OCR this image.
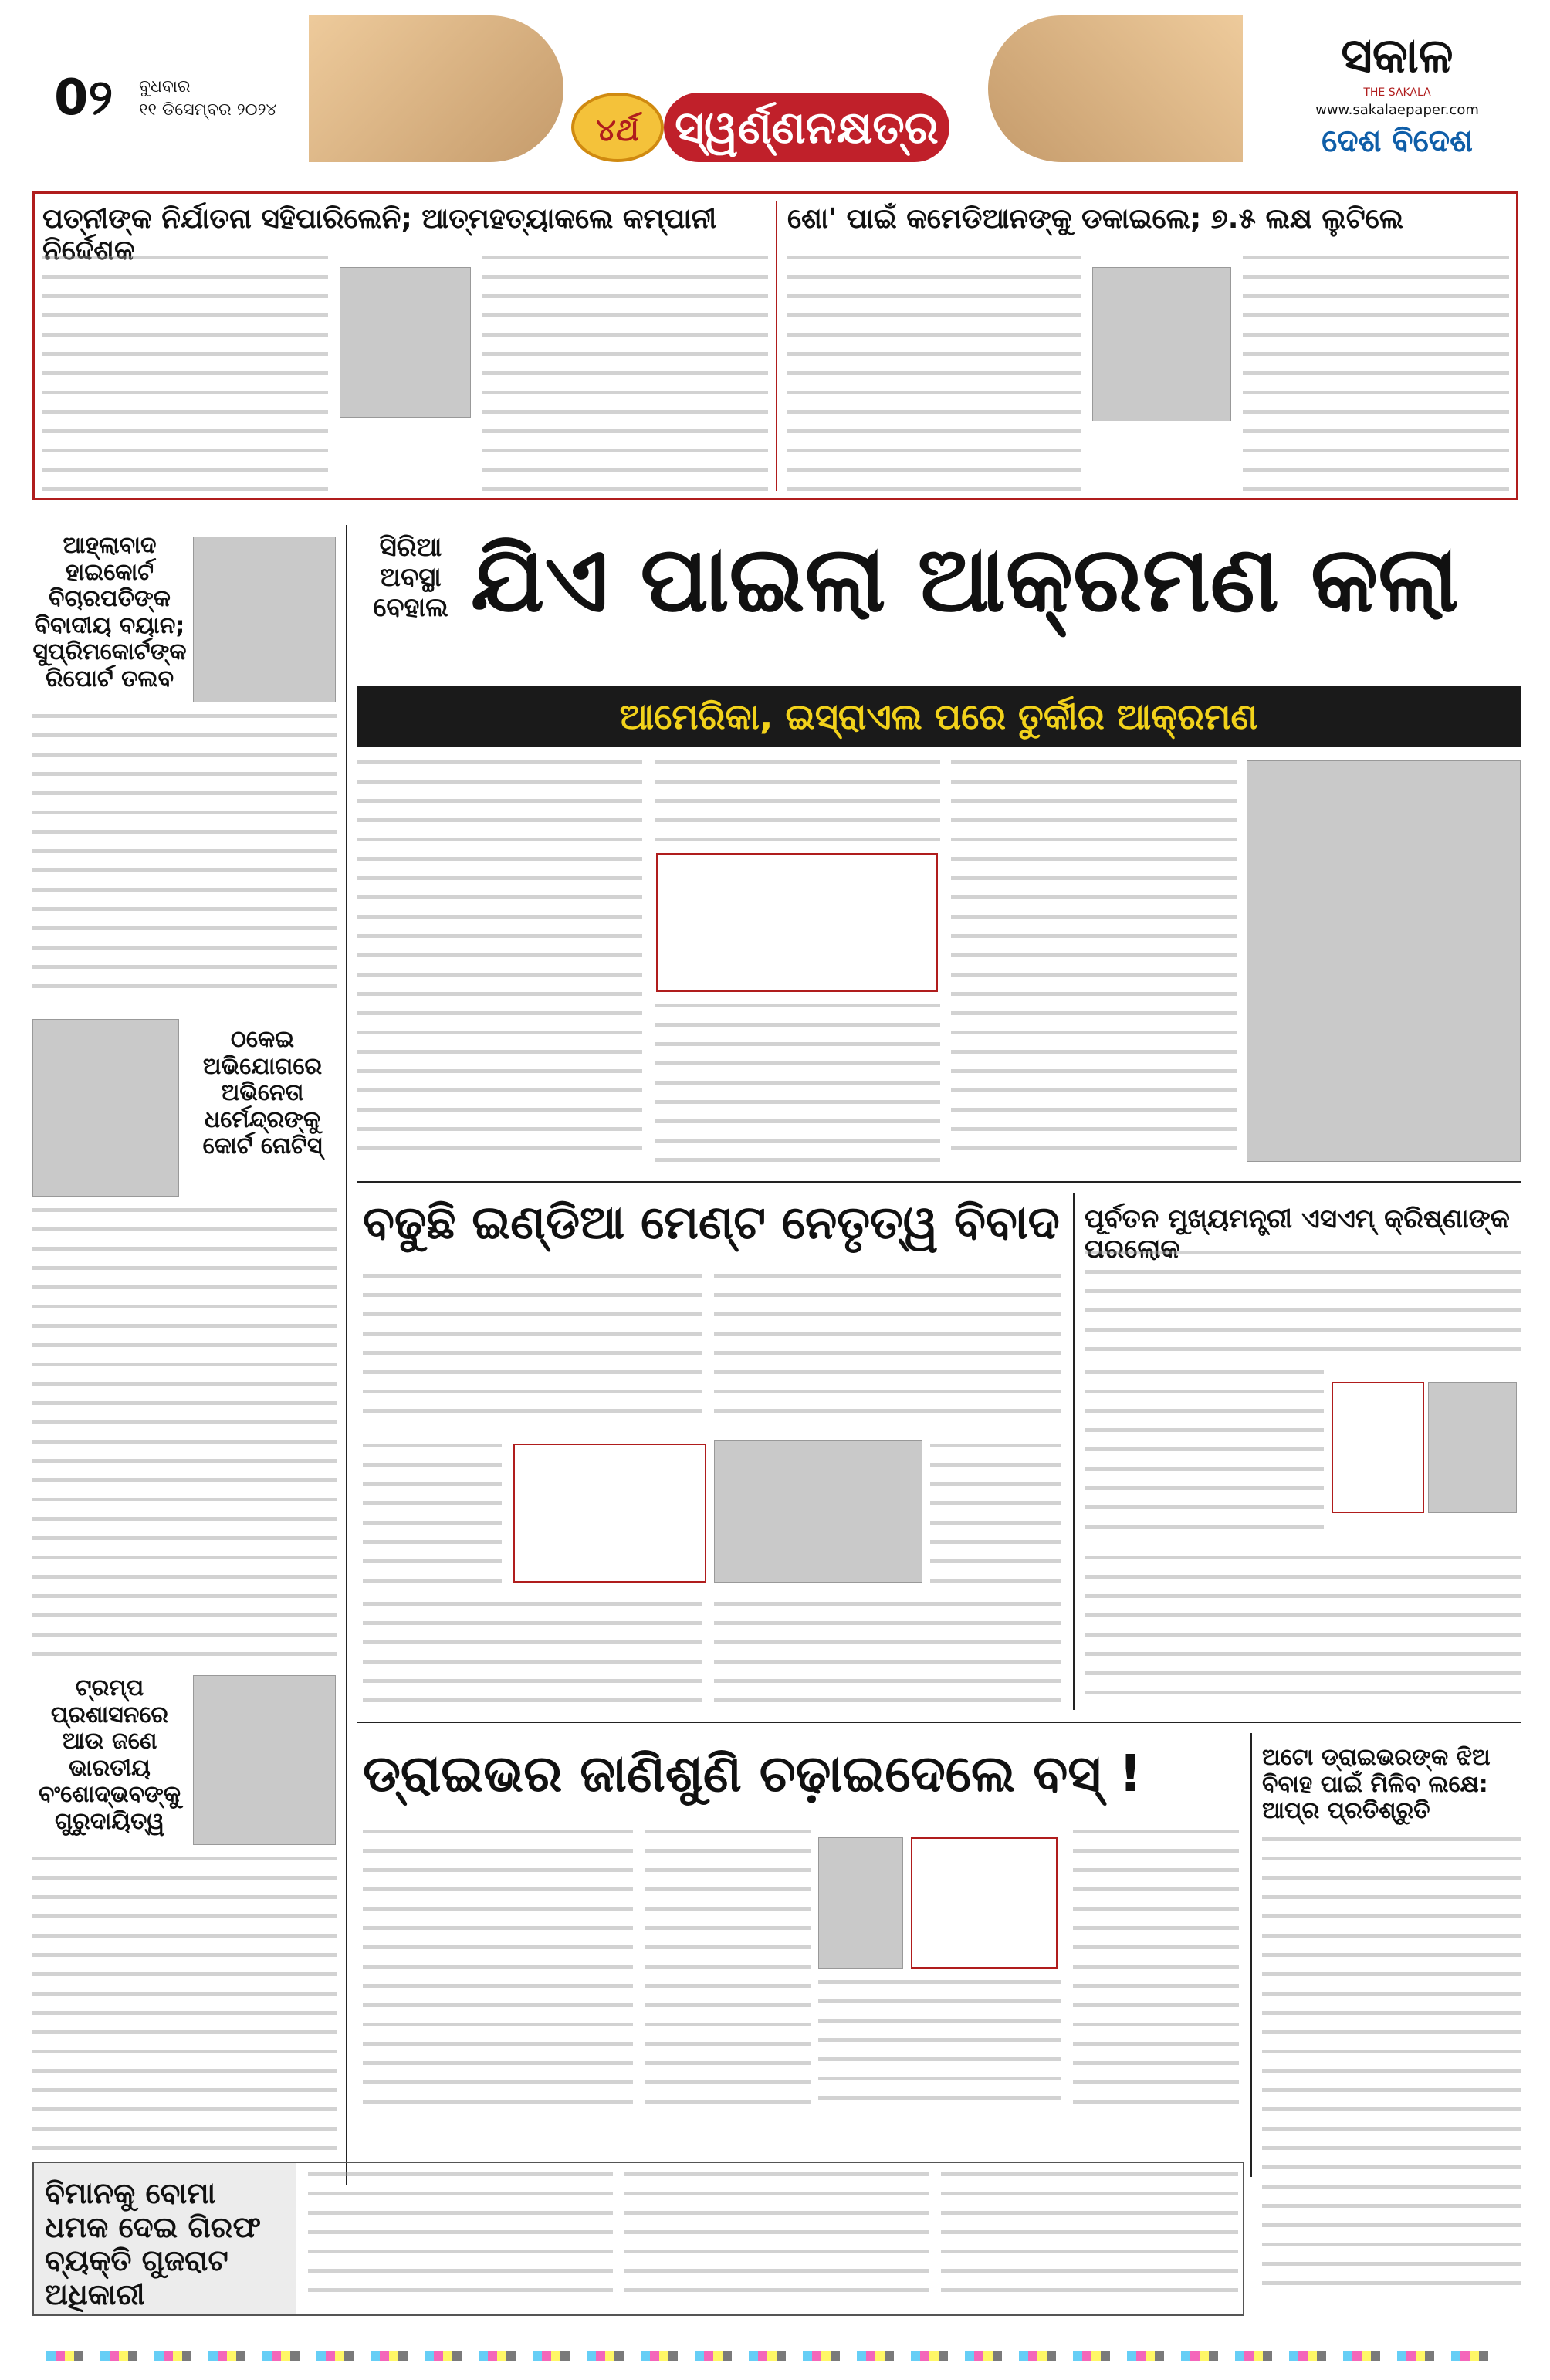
0୨ ବୁଧବାର
୧୧ ଡିସେମ୍ବର ୨୦୨୪
୪ର୍ଥ ସ୍ୱର୍ଣ୍ଣନକ୍ଷତ୍ର
ସକାଳ
THE SAKALA
www.sakalaepaper.com
ଦେଶ ବିଦେଶ
ପତ୍ନୀଙ୍କ ନିର୍ଯାତନା ସହିପାରିଲେନି; ଆତ୍ମହତ୍ୟାକଲେ କମ୍ପାନୀ ନିର୍ଦ୍ଦେଶକ
ଶୋ' ପାଇଁ କମେଡିଆନଙ୍କୁ ଡକାଇଲେ; ୭.୫ ଲକ୍ଷ ଲୁଟିଲେ
ଆହ୍ଲାବାଦ ହାଇକୋର୍ଟ ବିଚାରପତିଙ୍କ ବିବାଦୀୟ ବୟାନ; ସୁପ୍ରିମକୋର୍ଟଙ୍କ ରିପୋର୍ଟ ତଲବ
ଠକେଇ ଅଭିଯୋଗରେ ଅଭିନେତା ଧର୍ମେନ୍ଦ୍ରଙ୍କୁ କୋର୍ଟ ନୋଟିସ୍
ଟ୍ରମ୍ପ ପ୍ରଶାସନରେ ଆଉ ଜଣେ ଭାରତୀୟ ବଂଶୋଦ୍ଭବଙ୍କୁ ଗୁରୁଦାୟିତ୍ୱ
ସିରିଆ ଅବସ୍ଥା ବେହାଲ ଯିଏ ପାଇଲା ଆକ୍ରମଣ କଲା
ଆମେରିକା, ଇସ୍ରାଏଲ ପରେ ତୁର୍କୀର ଆକ୍ରମଣ
ବଢୁଛି ଇଣ୍ଡିଆ ମେଣ୍ଟ ନେତୃତ୍ୱ ବିବାଦ ପୂର୍ବତନ ମୁଖ୍ୟମନ୍ତ୍ରୀ ଏସଏମ୍ କ୍ରିଷ୍ଣାଙ୍କ ପରଲୋକ
ଡ୍ରାଇଭର ଜାଣିଶୁଣି ଚଢ଼ାଇଦେଲେ ବସ୍ !	ଅଟୋ ଡ୍ରାଇଭରଙ୍କ ଝିଅ ବିବାହ ପାଇଁ ମିଳିବ ଲକ୍ଷେ: ଆପ୍‌ର ପ୍ରତିଶ୍ରୁତି
ବିମାନକୁ ବୋମା ଧମକ ଦେଇ ଗିରଫ ବ୍ୟକ୍ତି ଗୁଜରାଟ ଅଧିକାରୀ
